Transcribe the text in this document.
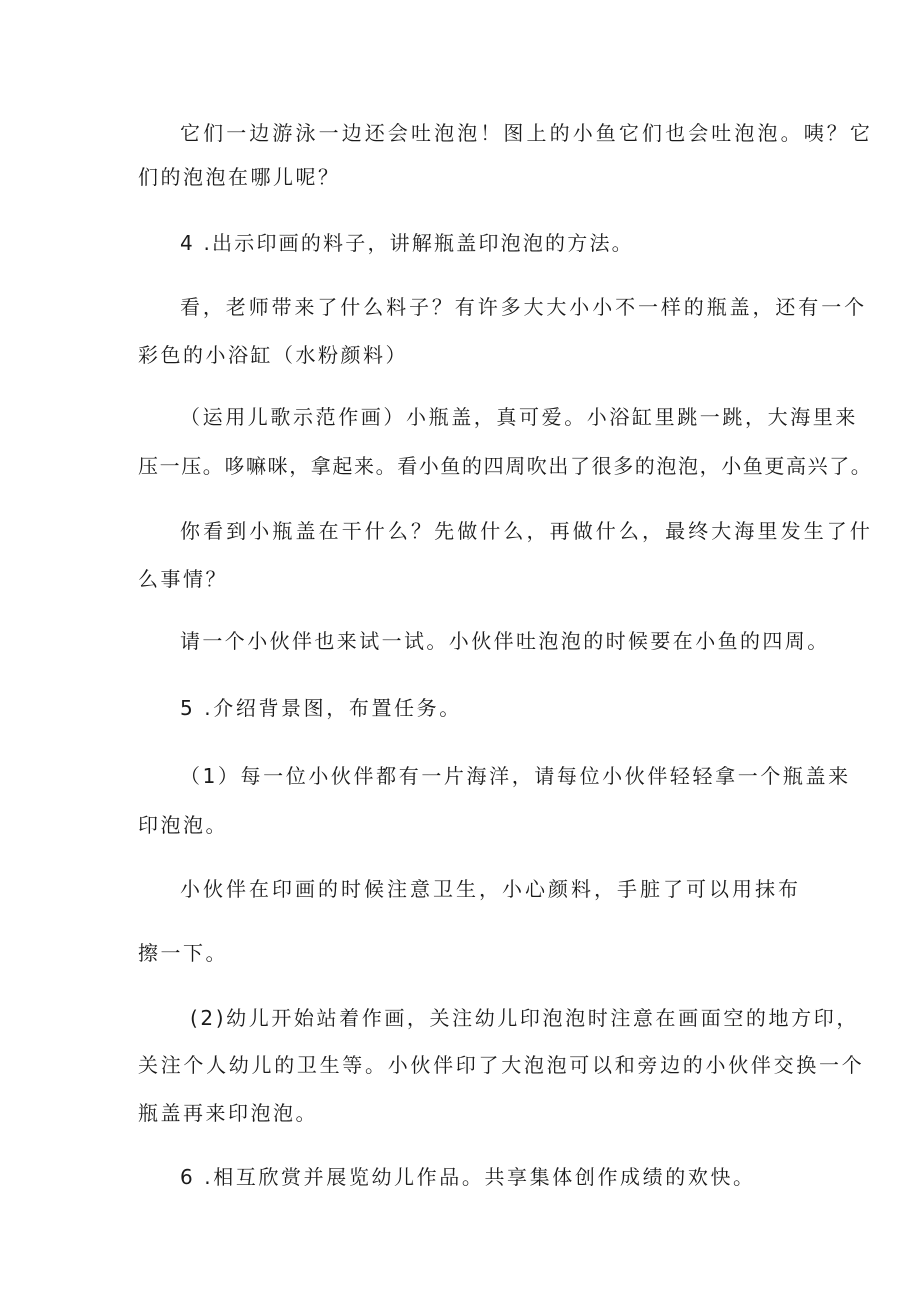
它们一边游泳一边还会吐泡泡！图上的小鱼它们也会吐泡泡。咦？它
们的泡泡在哪儿呢？
4 .出示印画的料子，讲解瓶盖印泡泡的方法。
看，老师带来了什么料子？有许多大大小小不一样的瓶盖，还有一个
彩色的小浴缸（水粉颜料）
（运用儿歌示范作画）小瓶盖，真可爱。小浴缸里跳一跳，大海里来
压一压。哆嘛咪，拿起来。看小鱼的四周吹出了很多的泡泡，小鱼更高兴了。
你看到小瓶盖在干什么？先做什么，再做什么，最终大海里发生了什
么事情？
请一个小伙伴也来试一试。小伙伴吐泡泡的时候要在小鱼的四周。
5 .介绍背景图，布置任务。
（1）每一位小伙伴都有一片海洋，请每位小伙伴轻轻拿一个瓶盖来
印泡泡。
小伙伴在印画的时候注意卫生，小心颜料，手脏了可以用抹布
擦一下。
(2)幼儿开始站着作画，关注幼儿印泡泡时注意在画面空的地方印，
关注个人幼儿的卫生等。小伙伴印了大泡泡可以和旁边的小伙伴交换一个
瓶盖再来印泡泡。
6 .相互欣赏并展览幼儿作品。共享集体创作成绩的欢快。
